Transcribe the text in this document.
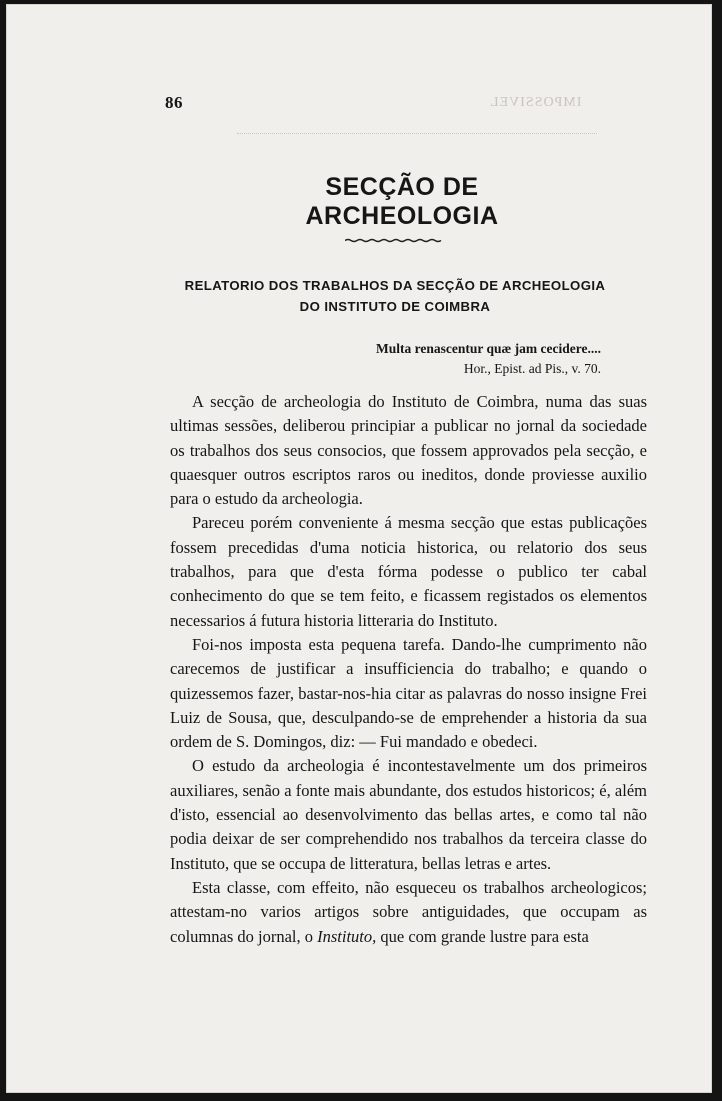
86	IMPOSSIVEL
SECÇÃO DE ARCHEOLOGIA
RELATORIO DOS TRABALHOS DA SECÇÃO DE ARCHEOLOGIA
DO INSTITUTO DE COIMBRA
Multa renascentur quæ jam cecidere....
Hor., Epist. ad Pis., v. 70.

A secção de archeologia do Instituto de Coimbra, numa das suas ultimas sessões, deliberou principiar a publicar no jornal da sociedade os trabalhos dos seus consocios, que fossem approvados pela secção, e quaesquer outros escriptos raros ou ineditos, donde proviesse auxilio para o estudo da archeologia.

Pareceu porém conveniente á mesma secção que estas publicações fossem precedidas d'uma noticia historica, ou relatorio dos seus trabalhos, para que d'esta fórma podesse o publico ter cabal conhecimento do que se tem feito, e ficassem registados os elementos necessarios á futura historia litteraria do Instituto.

Foi-nos imposta esta pequena tarefa. Dando-lhe cumprimento não carecemos de justificar a insufficiencia do trabalho; e quando o quizessemos fazer, bastar-nos-hia citar as palavras do nosso insigne Frei Luiz de Sousa, que, desculpando-se de emprehender a historia da sua ordem de S. Domingos, diz: — Fui mandado e obedeci.

O estudo da archeologia é incontestavelmente um dos primeiros auxiliares, senão a fonte mais abundante, dos estudos historicos; é, além d'isto, essencial ao desenvolvimento das bellas artes, e como tal não podia deixar de ser comprehendido nos trabalhos da terceira classe do Instituto, que se occupa de litteratura, bellas letras e artes.

Esta classe, com effeito, não esqueceu os trabalhos archeologicos; attestam-no varios artigos sobre antiguidades, que occupam as columnas do jornal, o Instituto, que com grande lustre para esta
